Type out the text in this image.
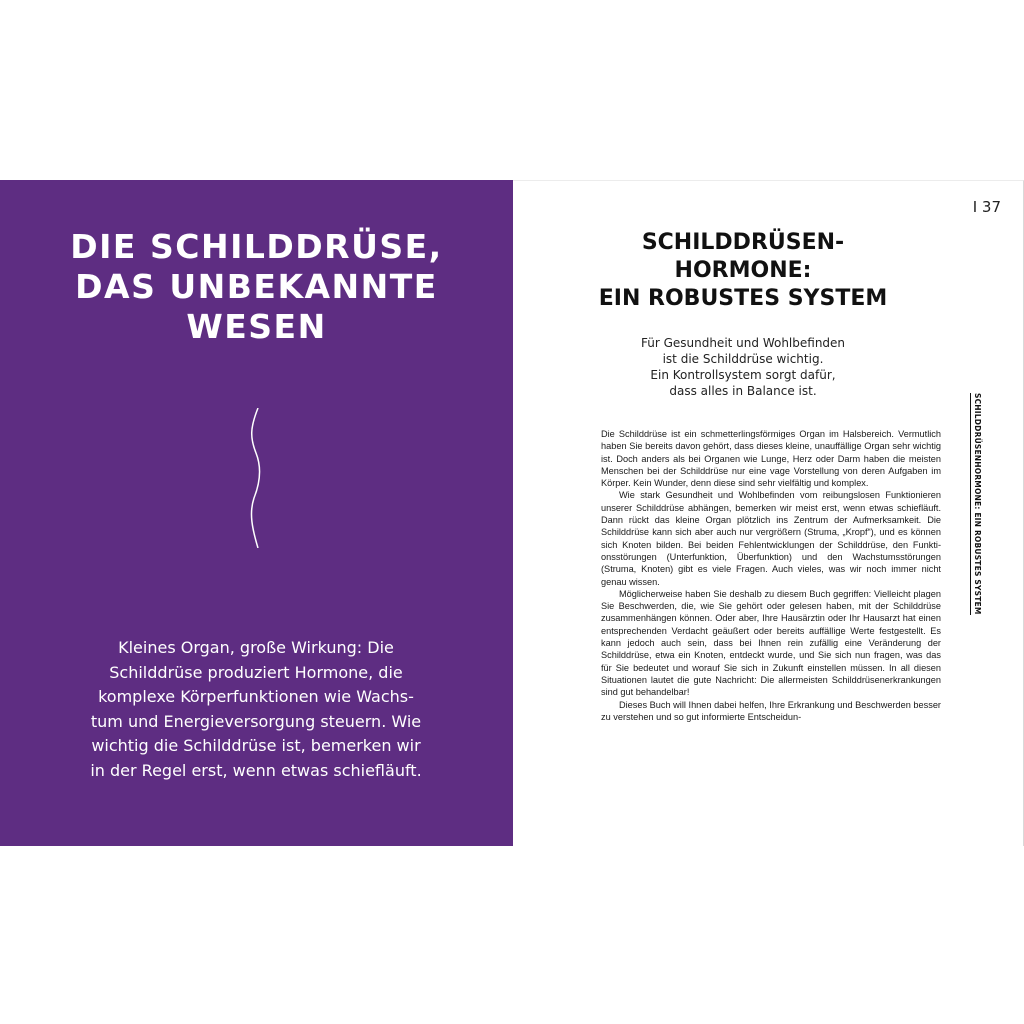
DIE SCHILDDRÜSE,
DAS UNBEKANNTE
WESEN

Kleines Organ, große Wirkung: Die Schilddrüse produziert Hormone, die komplexe Körperfunktionen wie Wachstum und Energieversorgung steuern. Wie wichtig die Schilddrüse ist, bemerken wir in der Regel erst, wenn etwas schiefläuft.

I 37
SCHILDDRÜSEN-
HORMONE:
EIN ROBUSTES SYSTEM

Für Gesundheit und Wohlbefinden
ist die Schilddrüse wichtig.
Ein Kontrollsystem sorgt dafür,
dass alles in Balance ist.

Die Schilddrüse ist ein schmetterlingsförmiges Organ im Halsbereich. Vermutlich haben Sie bereits davon gehört, dass dieses kleine, unauffällige Organ sehr wichtig ist. Doch anders als bei Organen wie Lunge, Herz oder Darm haben die meisten Menschen bei der Schilddrüse nur eine vage Vorstellung von deren Aufgaben im Körper. Kein Wunder, denn diese sind sehr vielfältig und komplex.

Wie stark Gesundheit und Wohlbefinden vom reibungslosen Funktionieren unserer Schilddrüse abhängen, bemerken wir meist erst, wenn etwas schiefläuft. Dann rückt das kleine Organ plötzlich ins Zentrum der Aufmerksamkeit. Die Schilddrüse kann sich aber auch nur vergrößern (Struma, „Kropf“), und es können sich Knoten bilden. Bei beiden Fehlentwicklungen der Schilddrüse, den Funktionsstörungen (Unterfunktion, Überfunktion) und den Wachstumsstörungen (Struma, Knoten) gibt es viele Fragen. Auch vieles, was wir noch immer nicht genau wissen.

Möglicherweise haben Sie deshalb zu diesem Buch gegriffen: Vielleicht plagen Sie Beschwerden, die, wie Sie gehört oder gelesen haben, mit der Schilddrüse zusammenhängen können. Oder aber, Ihre Hausärztin oder Ihr Hausarzt hat einen entsprechenden Verdacht geäußert oder bereits auffällige Werte festgestellt. Es kann jedoch auch sein, dass bei Ihnen rein zufällig eine Veränderung der Schilddrüse, etwa ein Knoten, entdeckt wurde, und Sie sich nun fragen, was das für Sie bedeutet und worauf Sie sich in Zukunft einstellen müssen. In all diesen Situationen lautet die gute Nachricht: Die allermeisten Schilddrüsenerkrankungen sind gut behandelbar!

Dieses Buch will Ihnen dabei helfen, Ihre Erkrankung und Beschwerden besser zu verstehen und so gut informierte Entscheidun-

SCHILDDRÜSENHORMONE: EIN ROBUSTES SYSTEM
